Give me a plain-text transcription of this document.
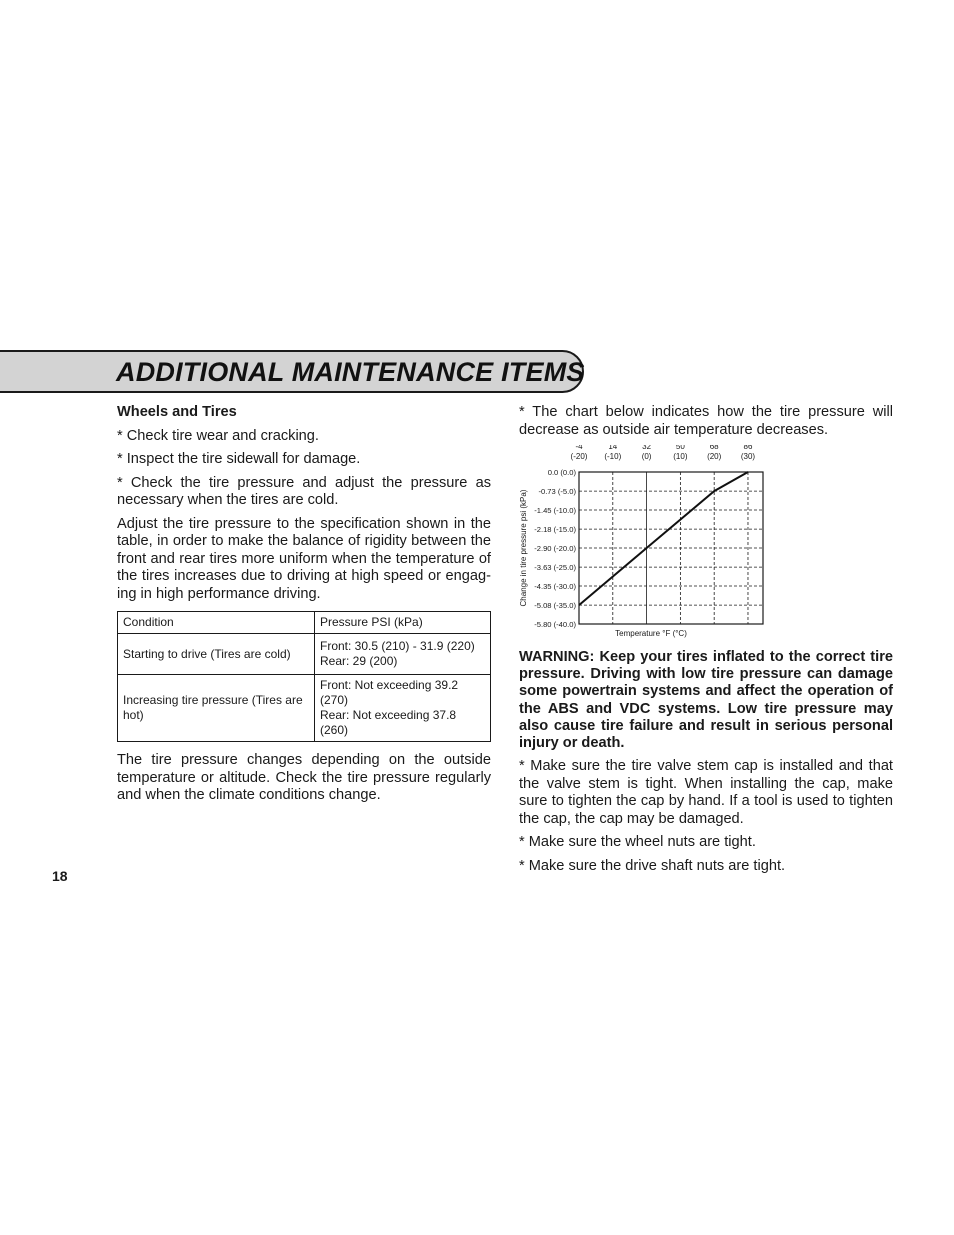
ADDITIONAL MAINTENANCE ITEMS
Wheels and Tires

* Check tire wear and cracking.

* Inspect the tire sidewall for damage.

* Check the tire pressure and adjust the pressure as necessary when the tires are cold.

Adjust the tire pressure to the specification shown in the table, in order to make the balance of rigidity between the front and rear tires more uniform when the temperature of the tires increases due to driving at high speed or engag-ing in high performance driving.

Condition	Pressure PSI (kPa)
Starting to drive (Tires are cold)	Front: 30.5 (210) - 31.9 (220)
Rear: 29 (200)

Increasing tire pressure (Tires are hot)	Front: Not exceeding 39.2
(270)
Rear: Not exceeding 37.8 (260)

The tire pressure changes depending on the outside temperature or altitude. Check the tire pressure regularly and when the climate conditions change.

* The chart below indicates how the tire pressure will decrease as outside air temperature decreases.

-4
(-20)
14
(-10)
32
(0)
50
(10)
68
(20)
86
(30)
0.0 (0.0)
-0.73 (-5.0)
-1.45 (-10.0)
-2.18 (-15.0)
-2.90 (-20.0)
-3.63 (-25.0)
-4.35 (-30.0)
-5.08 (-35.0)
-5.80 (-40.0)
Temperature °F (°C)
Change in tire pressure psi (kPa)
WARNING: Keep your tires inflated to the correct tire pressure. Driving with low tire pressure can damage some powertrain systems and affect the operation of the ABS and VDC systems. Low tire pressure may also cause tire failure and result in serious personal injury or death.

* Make sure the tire valve stem cap is installed and that the valve stem is tight. When installing the cap, make sure to tighten the cap by hand. If a tool is used to tighten the cap, the cap may be damaged.

* Make sure the wheel nuts are tight.

* Make sure the drive shaft nuts are tight.

18
